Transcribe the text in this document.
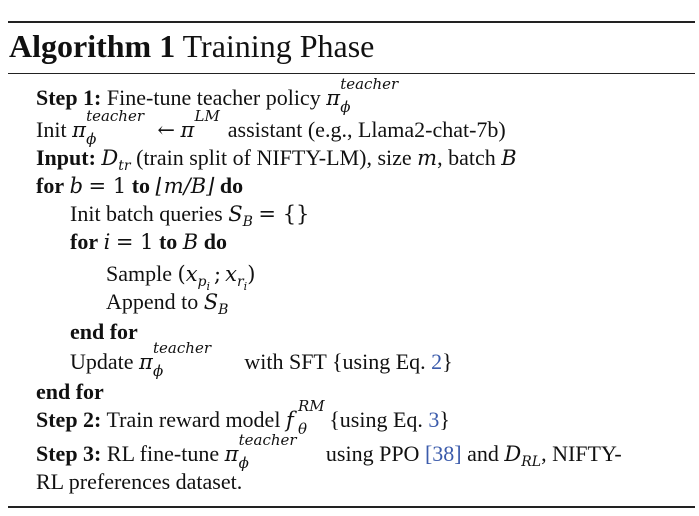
Algorithm 1 Training Phase
Step 1: Fine-tune teacher policy π
teacher
ϕ
Init π
teacher
ϕ	← π
LM
assistant (e.g., Llama2-chat-7b)
Input: $D_{tr}$ (train split of NIFTY-LM), size m, batch B
for b = 1 to ⌊m/B⌋ do
Init batch queries $S_B$ = {}
for i = 1 to B do
Sample ($x_{pi}$; $x_{ri}$)
Append to $S_B$
end for
Update π
teacher
ϕ	with SFT {using Eq. 2}
end for
Step 2: Train reward model f
RM
θ {using Eq. 3}
Step 3: RL fine-tune π
teacher
ϕ	using PPO [38] and $D_{RL}$, NIFTY-
RL preferences dataset.
